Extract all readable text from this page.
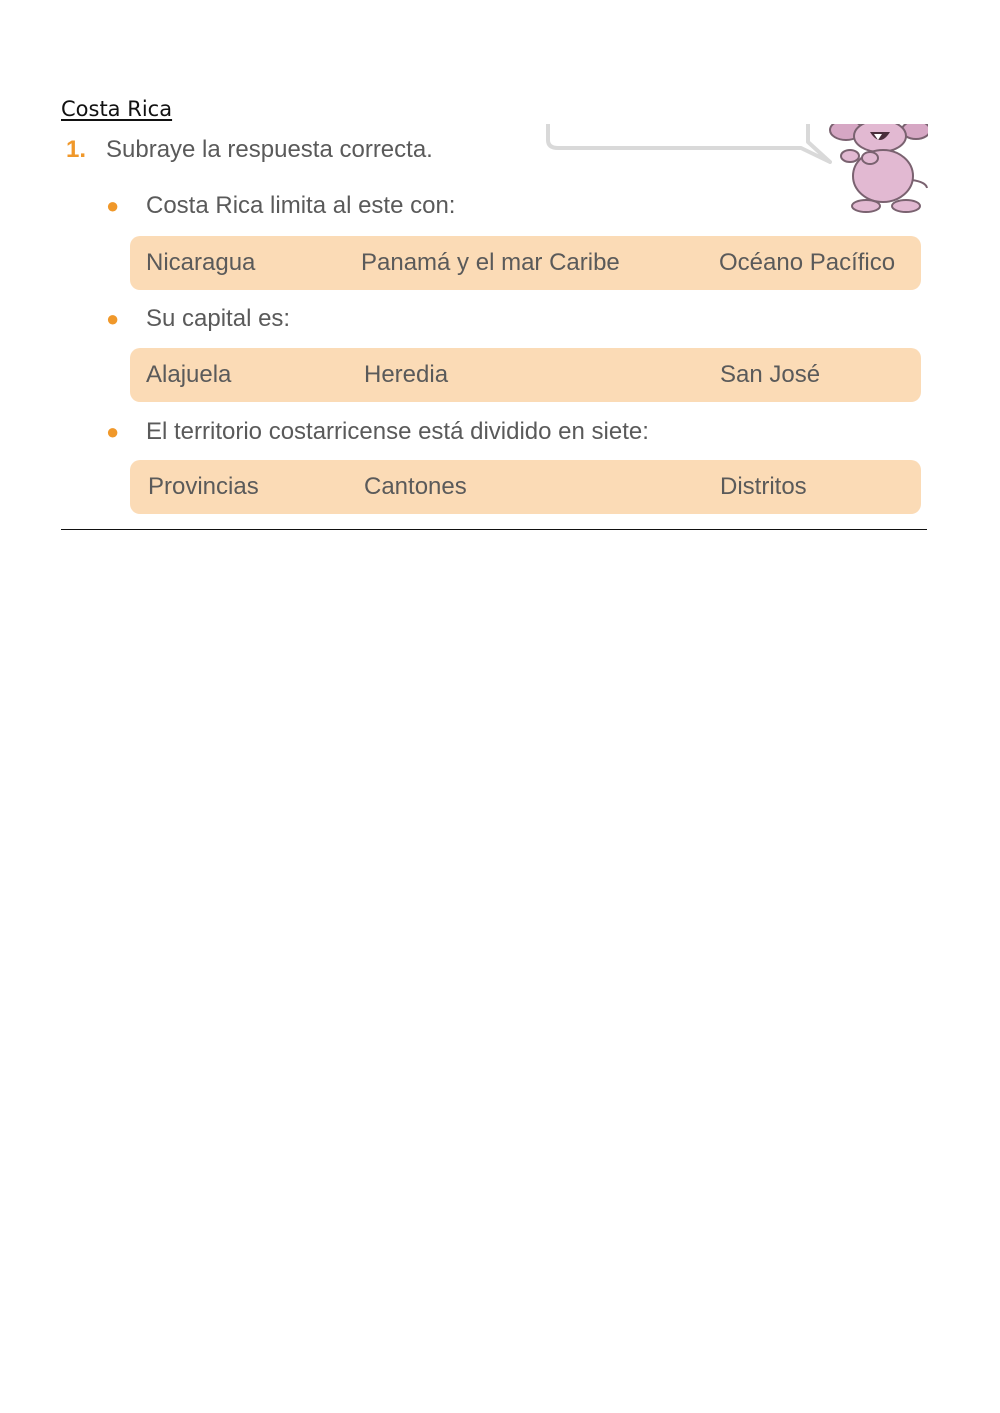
Costa Rica
1. Subraye la respuesta correcta.
● Costa Rica limita al este con:
Nicaragua	Panamá y el mar Caribe	Océano Pacífico
● Su capital es:
Alajuela	Heredia	San José
● El territorio costarricense está dividido en siete:
Provincias	Cantones	Distritos
